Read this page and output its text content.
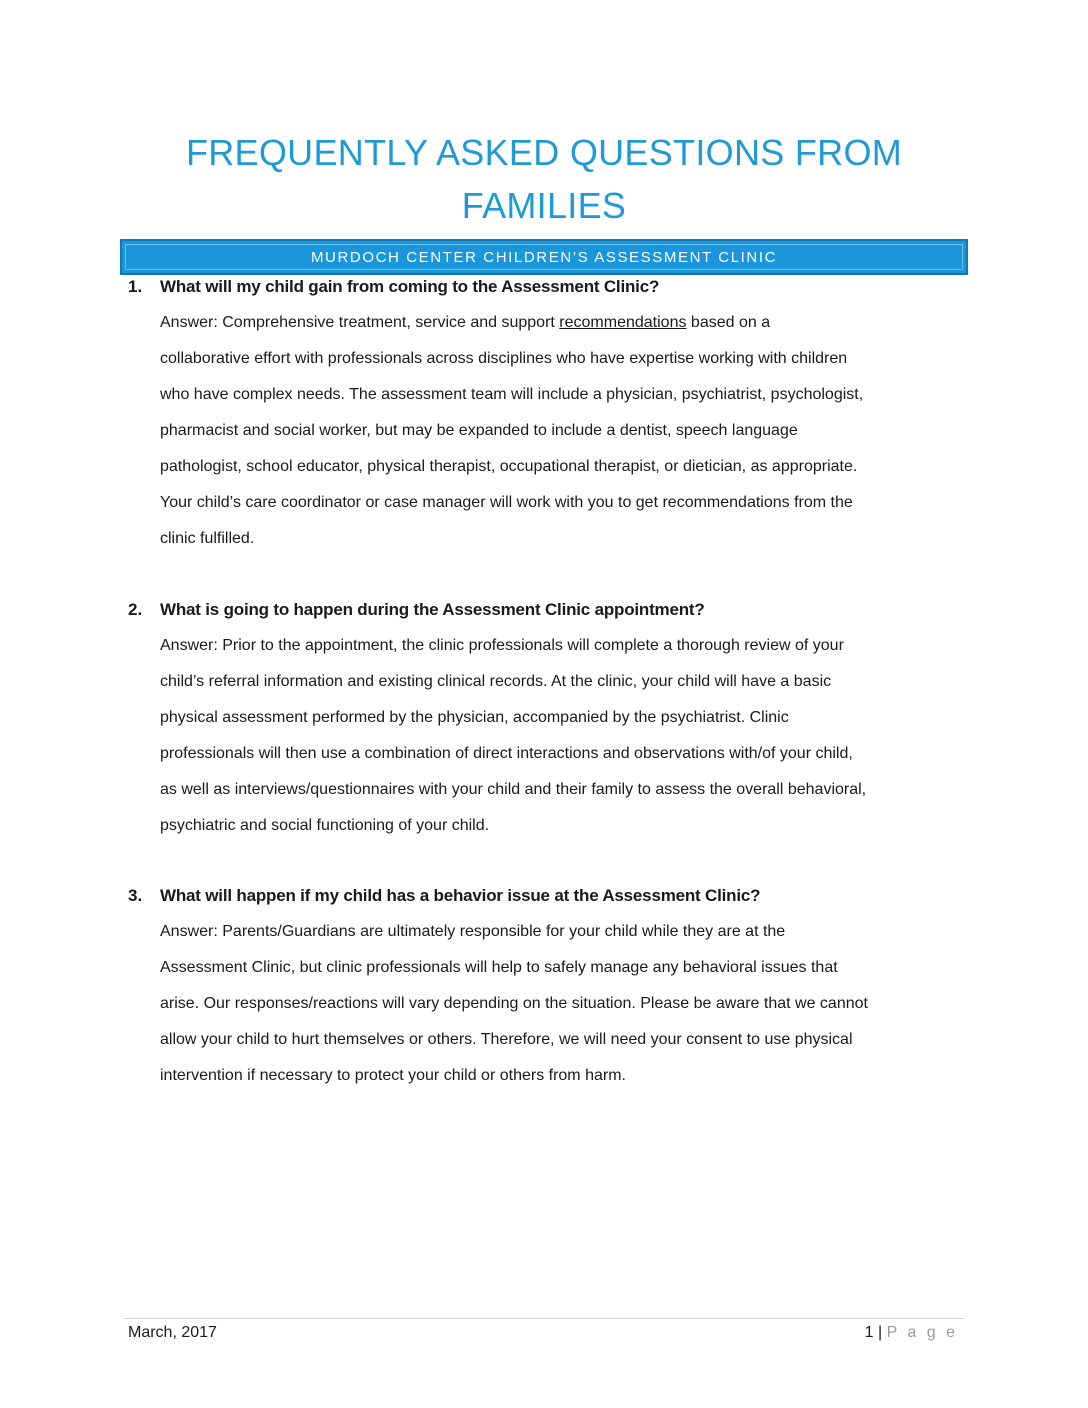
FREQUENTLY ASKED QUESTIONS FROM
FAMILIES
MURDOCH CENTER CHILDREN’S ASSESSMENT CLINIC
1.	What will my child gain from coming to the Assessment Clinic?
Answer: Comprehensive treatment, service and support recommendations based on a
collaborative effort with professionals across disciplines who have expertise working with children
who have complex needs. The assessment team will include a physician, psychiatrist, psychologist,
pharmacist and social worker, but may be expanded to include a dentist, speech language
pathologist, school educator, physical therapist, occupational therapist, or dietician, as appropriate.
Your child’s care coordinator or case manager will work with you to get recommendations from the
clinic fulfilled.
2.	What is going to happen during the Assessment Clinic appointment?
Answer: Prior to the appointment, the clinic professionals will complete a thorough review of your
child’s referral information and existing clinical records. At the clinic, your child will have a basic
physical assessment performed by the physician, accompanied by the psychiatrist. Clinic
professionals will then use a combination of direct interactions and observations with/of your child,
as well as interviews/questionnaires with your child and their family to assess the overall behavioral,
psychiatric and social functioning of your child.
3.	What will happen if my child has a behavior issue at the Assessment Clinic?
Answer: Parents/Guardians are ultimately responsible for your child while they are at the
Assessment Clinic, but clinic professionals will help to safely manage any behavioral issues that
arise. Our responses/reactions will vary depending on the situation. Please be aware that we cannot
allow your child to hurt themselves or others. Therefore, we will need your consent to use physical
intervention if necessary to protect your child or others from harm.
March, 2017	1 | P a g e
